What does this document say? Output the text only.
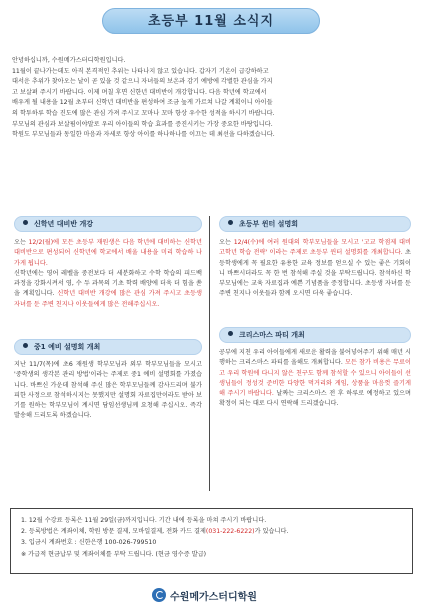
초등부 11월 소식지
안녕하십니까, 수원메가스터디학원입니다.
11월이 끝나가는데도 아직 본격적인 추위는 나타나지 않고 있습니다. 갑자기 기온이 급강하하고
대서운 추위가 찾아오는 날이 곧 있을 것 같으니 자녀들의 보온과 감기 예방에 각별한 관심을 가지
고 보살펴 주시기 바랍니다. 이제 며칠 후면 신한년 대비반이 개강합니다. 다음 학년에 학교에서
배우게 될 내용을 12월 초부터 신학년 대비반을 편성하여 조금 높게 가르쳐 나갈 계획이니 아이들
의 학투하루 학습 진도에 많은 관심 가져 주시고 꼬마나 꼬마 항상 우수한 성적을 하시기 바랍니다.
부모님의 관심과 보살핌이야말로 우리 아이들의 학습 효과를 증진시키는 가장 중요한 바탕입니다.
학원도 부모님들과 동일한 마음과 자세로 항상 아이를 하나하나를 이끄는 데 최선을 다하겠습니다.
신학년 대비반 개강
오는 12/2(월)에 모든 초등부 재원생은 다음 학년에 대비하는 신학년 대비반으로 편성되어 신학년에 학교에서 배울 내용을 미리 학습하 나가게 됩니다.
신학년에는 영어 레벨을 중전보다 더 세분화하고 수학 학습의 피드백 과정을 강화시켜서 영, 수 두 과목의 기초 학력 배양에 더욱 더 힘을 쏟을 계획입니다. 신학년 대비반 개강에 많은 관심 가져 주시고 초등생 자녀를 둔 주변 친지나 이웃들에게 많은 전해주십시오.
중1 예비 설명회 개최
지난 11/7(목)에 초6 재원생 학부모님과 외부 학부모님들을 모시고 '중학생의 생각본 관리 방법'이라는 주제로 중1 예비 설명회를 가졌습니다. 바쁘신 가운데 참석해 주신 많은 학부모님들께 감사드리며 불가피한 사정으로 참석하시지는 못했지만 설명회 자료집만이라도 받아 보기를 원하는 학부모님이 계시면 담임선생님께 요청해 주십시오. 즉각 발송해 드리도록 하겠습니다.
초등부 윈터 설명회
오는 12/4(수)에 여러 원대의 학부모님들을 모시고 '고교 학점제 대비 고학년 학습 전략' 이라는 주제로 초등부 윈터 설명회를 개최합니다. 초등학생에게 꼭 필요한 유용한 교육 정보를 얻으실 수 있는 좋은 기회이니 바쁘시더라도 꼭 한 번 참석해 주실 것을 부탁드립니다. 참석하신 학부모님에는 교육 자료집과 예쁜 기념품을 증정합니다. 초등생 자녀를 둔 주변 친지나 이웃들과 함께 오시면 더욱 좋습니다.
크리스마스 파티 개최
공부에 지친 우리 아이들에게 새로운 활력을 불어넣어주기 위해 매년 시행하는 크리스마스 파티를 올해도 개최합니다. 모든 참가 비용은 무료이고 우리 학원에 다니지 않은 친구도 함께 참석할 수 있으니 아이들이 선생님들이 정성것 준비한 다양한 먹거리와 게임, 상품을 마음껏 즐기게 해 주시기 바랍니다. 날짜는 크리스마스 전 후 하루로 예정하고 있으며 확정이 되는 대로 다시 연락해 드리겠습니다.
1. 12월 수강료 등록은 11월 29일(금)까지입니다. 기간 내에 등록을 마쳐 주시기 바랍니다.
2. 등록방법은 계좌이체, 학원 방문 결제, 모바일결제, 전화 카드 결제(031-222-6222)가 있습니다.
3. 입금시 계좌번호 : 신한은행 100-026-799510
※ 가급적 현금납부 및 계좌이체를 부탁 드립니다. (현금 영수증 발급)
수원메가스터디학원
